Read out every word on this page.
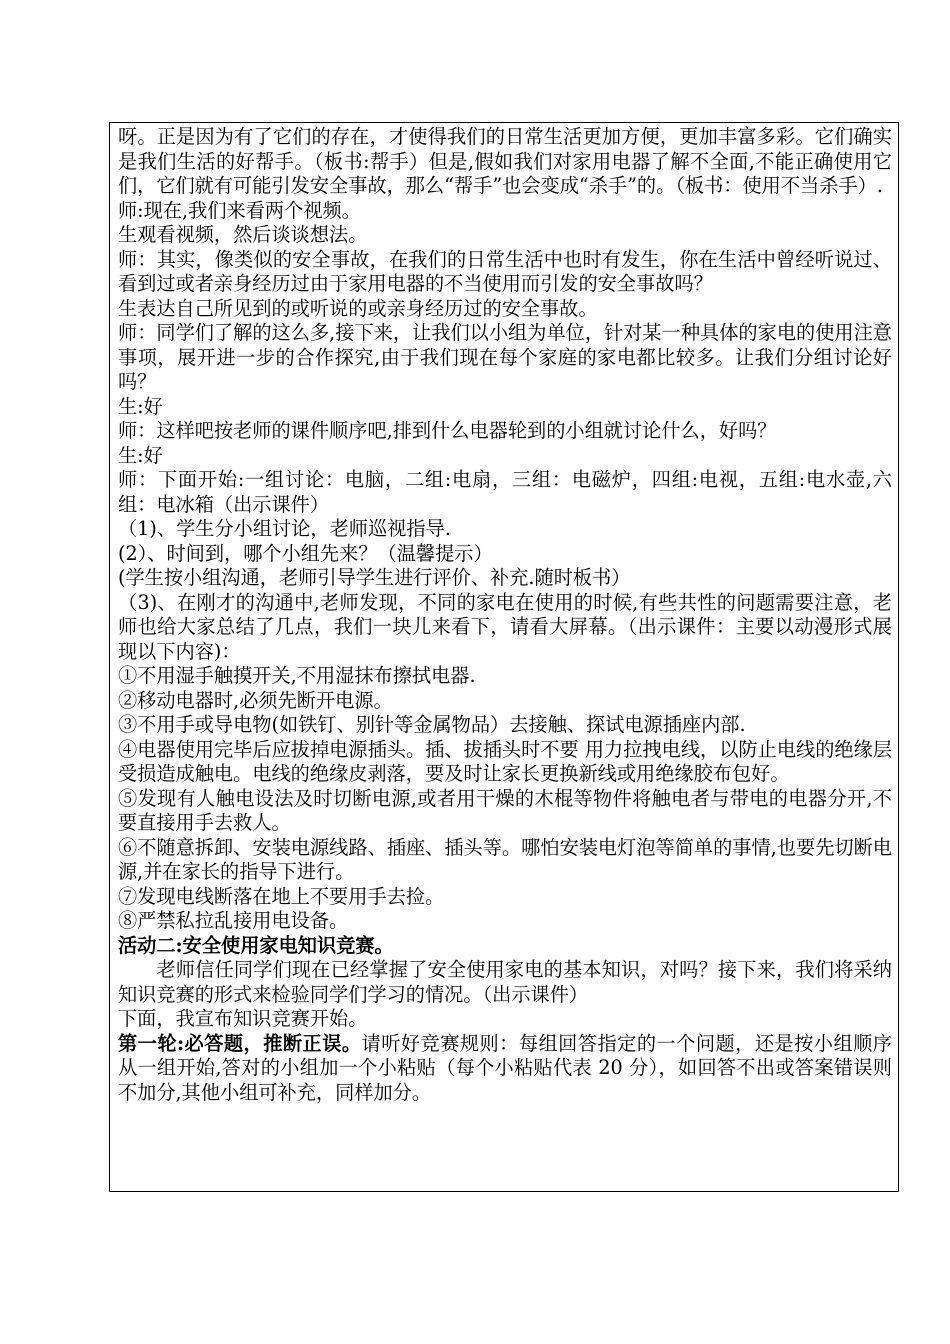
呀。正是因为有了它们的存在，才使得我们的日常生活更加方便，更加丰富多彩。它们确实是我们生活的好帮手。（板书:帮手）但是,假如我们对家用电器了解不全面,不能正确使用它们，它们就有可能引发安全事故，那么“帮手”也会变成“杀手”的。（板书：使用不当杀手）.

师:现在,我们来看两个视频。

生观看视频，然后谈谈想法。

师：其实，像类似的安全事故，在我们的日常生活中也时有发生，你在生活中曾经听说过、看到过或者亲身经历过由于家用电器的不当使用而引发的安全事故吗？

生表达自己所见到的或听说的或亲身经历过的安全事故。

师：同学们了解的这么多,接下来，让我们以小组为单位，针对某一种具体的家电的使用注意事项，展开进一步的合作探究,由于我们现在每个家庭的家电都比较多。让我们分组讨论好吗？

生:好

师：这样吧按老师的课件顺序吧,排到什么电器轮到的小组就讨论什么，好吗？

生:好

师：下面开始:一组讨论：电脑，二组:电扇，三组：电磁炉，四组:电视，五组:电水壶,六组：电冰箱（出示课件）

（1)、学生分小组讨论，老师巡视指导.

(2）、时间到，哪个小组先来？（温馨提示）

(学生按小组沟通，老师引导学生进行评价、补充.随时板书）

（3)、在刚才的沟通中,老师发现，不同的家电在使用的时候,有些共性的问题需要注意，老师也给大家总结了几点，我们一块儿来看下，请看大屏幕。（出示课件：主要以动漫形式展现以下内容)：

①不用湿手触摸开关,不用湿抹布擦拭电器.

②移动电器时,必须先断开电源。

③不用手或导电物(如铁钉、别针等金属物品）去接触、探试电源插座内部.

④电器使用完毕后应拔掉电源插头。插、拔插头时不要 用力拉拽电线，以防止电线的绝缘层受损造成触电。电线的绝缘皮剥落，要及时让家长更换新线或用绝缘胶布包好。

⑤发现有人触电设法及时切断电源,或者用干燥的木棍等物件将触电者与带电的电器分开,不要直接用手去救人。

⑥不随意拆卸、安装电源线路、插座、插头等。哪怕安装电灯泡等简单的事情,也要先切断电源,并在家长的指导下进行。

⑦发现电线断落在地上不要用手去捡。

⑧严禁私拉乱接用电设备。

活动二:安全使用家电知识竞赛。

老师信任同学们现在已经掌握了安全使用家电的基本知识，对吗？接下来，我们将采纳知识竞赛的形式来检验同学们学习的情况。（出示课件）

下面，我宣布知识竞赛开始。

第一轮:必答题，推断正误。请听好竞赛规则：每组回答指定的一个问题，还是按小组顺序从一组开始,答对的小组加一个小粘贴（每个小粘贴代表 20 分），如回答不出或答案错误则不加分,其他小组可补充，同样加分。
